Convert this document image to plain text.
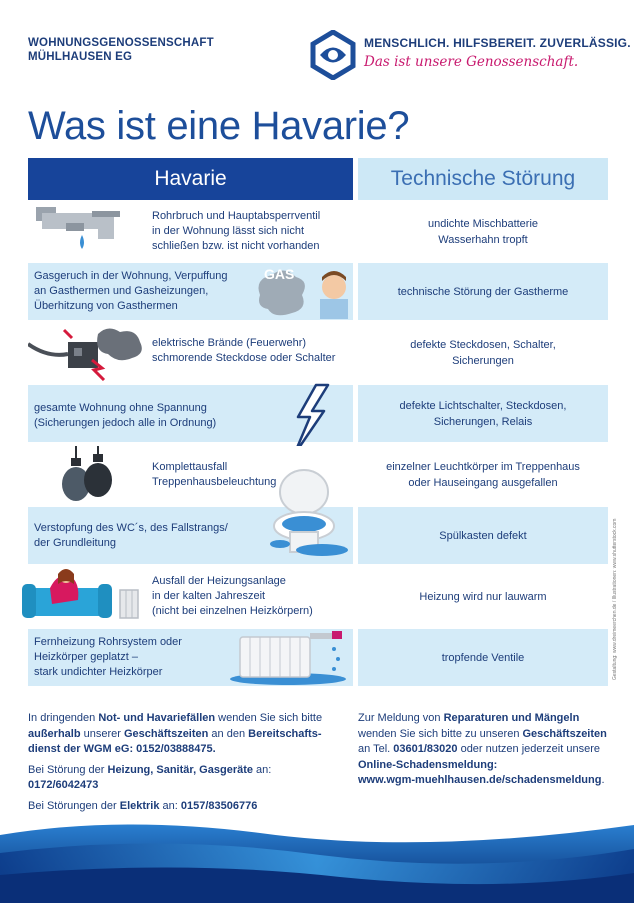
WOHNUNGSGENOSSENSCHAFT
MÜHLHAUSEN EG
MENSCHLICH. HILFSBEREIT. ZUVERLÄSSIG.
Das ist unsere Genossenschaft.
Was ist eine Havarie?
Havarie	Technische Störung
Rohrbruch und Hauptabsperrventil
in der Wohnung lässt sich nicht
schließen bzw. ist nicht vorhanden
undichte Mischbatterie
Wasserhahn tropft
Gasgeruch in der Wohnung, Verpuffung
an Gasthermen und Gasheizungen,
Überhitzung von Gasthermen
GAS
technische Störung der Gastherme
elektrische Brände (Feuerwehr)
schmorende Steckdose oder Schalter
defekte Steckdosen, Schalter,
Sicherungen
gesamte Wohnung ohne Spannung
(Sicherungen jedoch alle in Ordnung)
defekte Lichtschalter, Steckdosen,
Sicherungen, Relais
Komplettausfall
Treppenhausbeleuchtung
einzelner Leuchtkörper im Treppenhaus
oder Hauseingang ausgefallen
Verstopfung des WC´s, des Fallstrangs/
der Grundleitung
Spülkasten defekt
Ausfall der Heizungsanlage
in der kalten Jahreszeit
(nicht bei einzelnen Heizkörpern)
Heizung wird nur lauwarm
Fernheizung Rohrsystem oder
Heizkörper geplatzt –
stark undichter Heizkörper
tropfende Ventile

In dringenden Not- und Havariefällen wenden Sie sich bitte außerhalb unserer Geschäftszeiten an den Bereitschafts-dienst der WGM eG: 0152/03888475.

Bei Störung der Heizung, Sanitär, Gasgeräte an:
0172/6042473

Bei Störungen der Elektrik an: 0157/83506776

Zur Meldung von Reparaturen und Mängeln wenden Sie sich bitte zu unseren Geschäftszeiten an Tel. 03601/83020 oder nutzen jederzeit unsere Online-Schadensmeldung:
www.wgm-muehlhausen.de/schadensmeldung.

Gestaltung: www.dreimeerchen.de / Illustrationen: www.shutterstock.com
